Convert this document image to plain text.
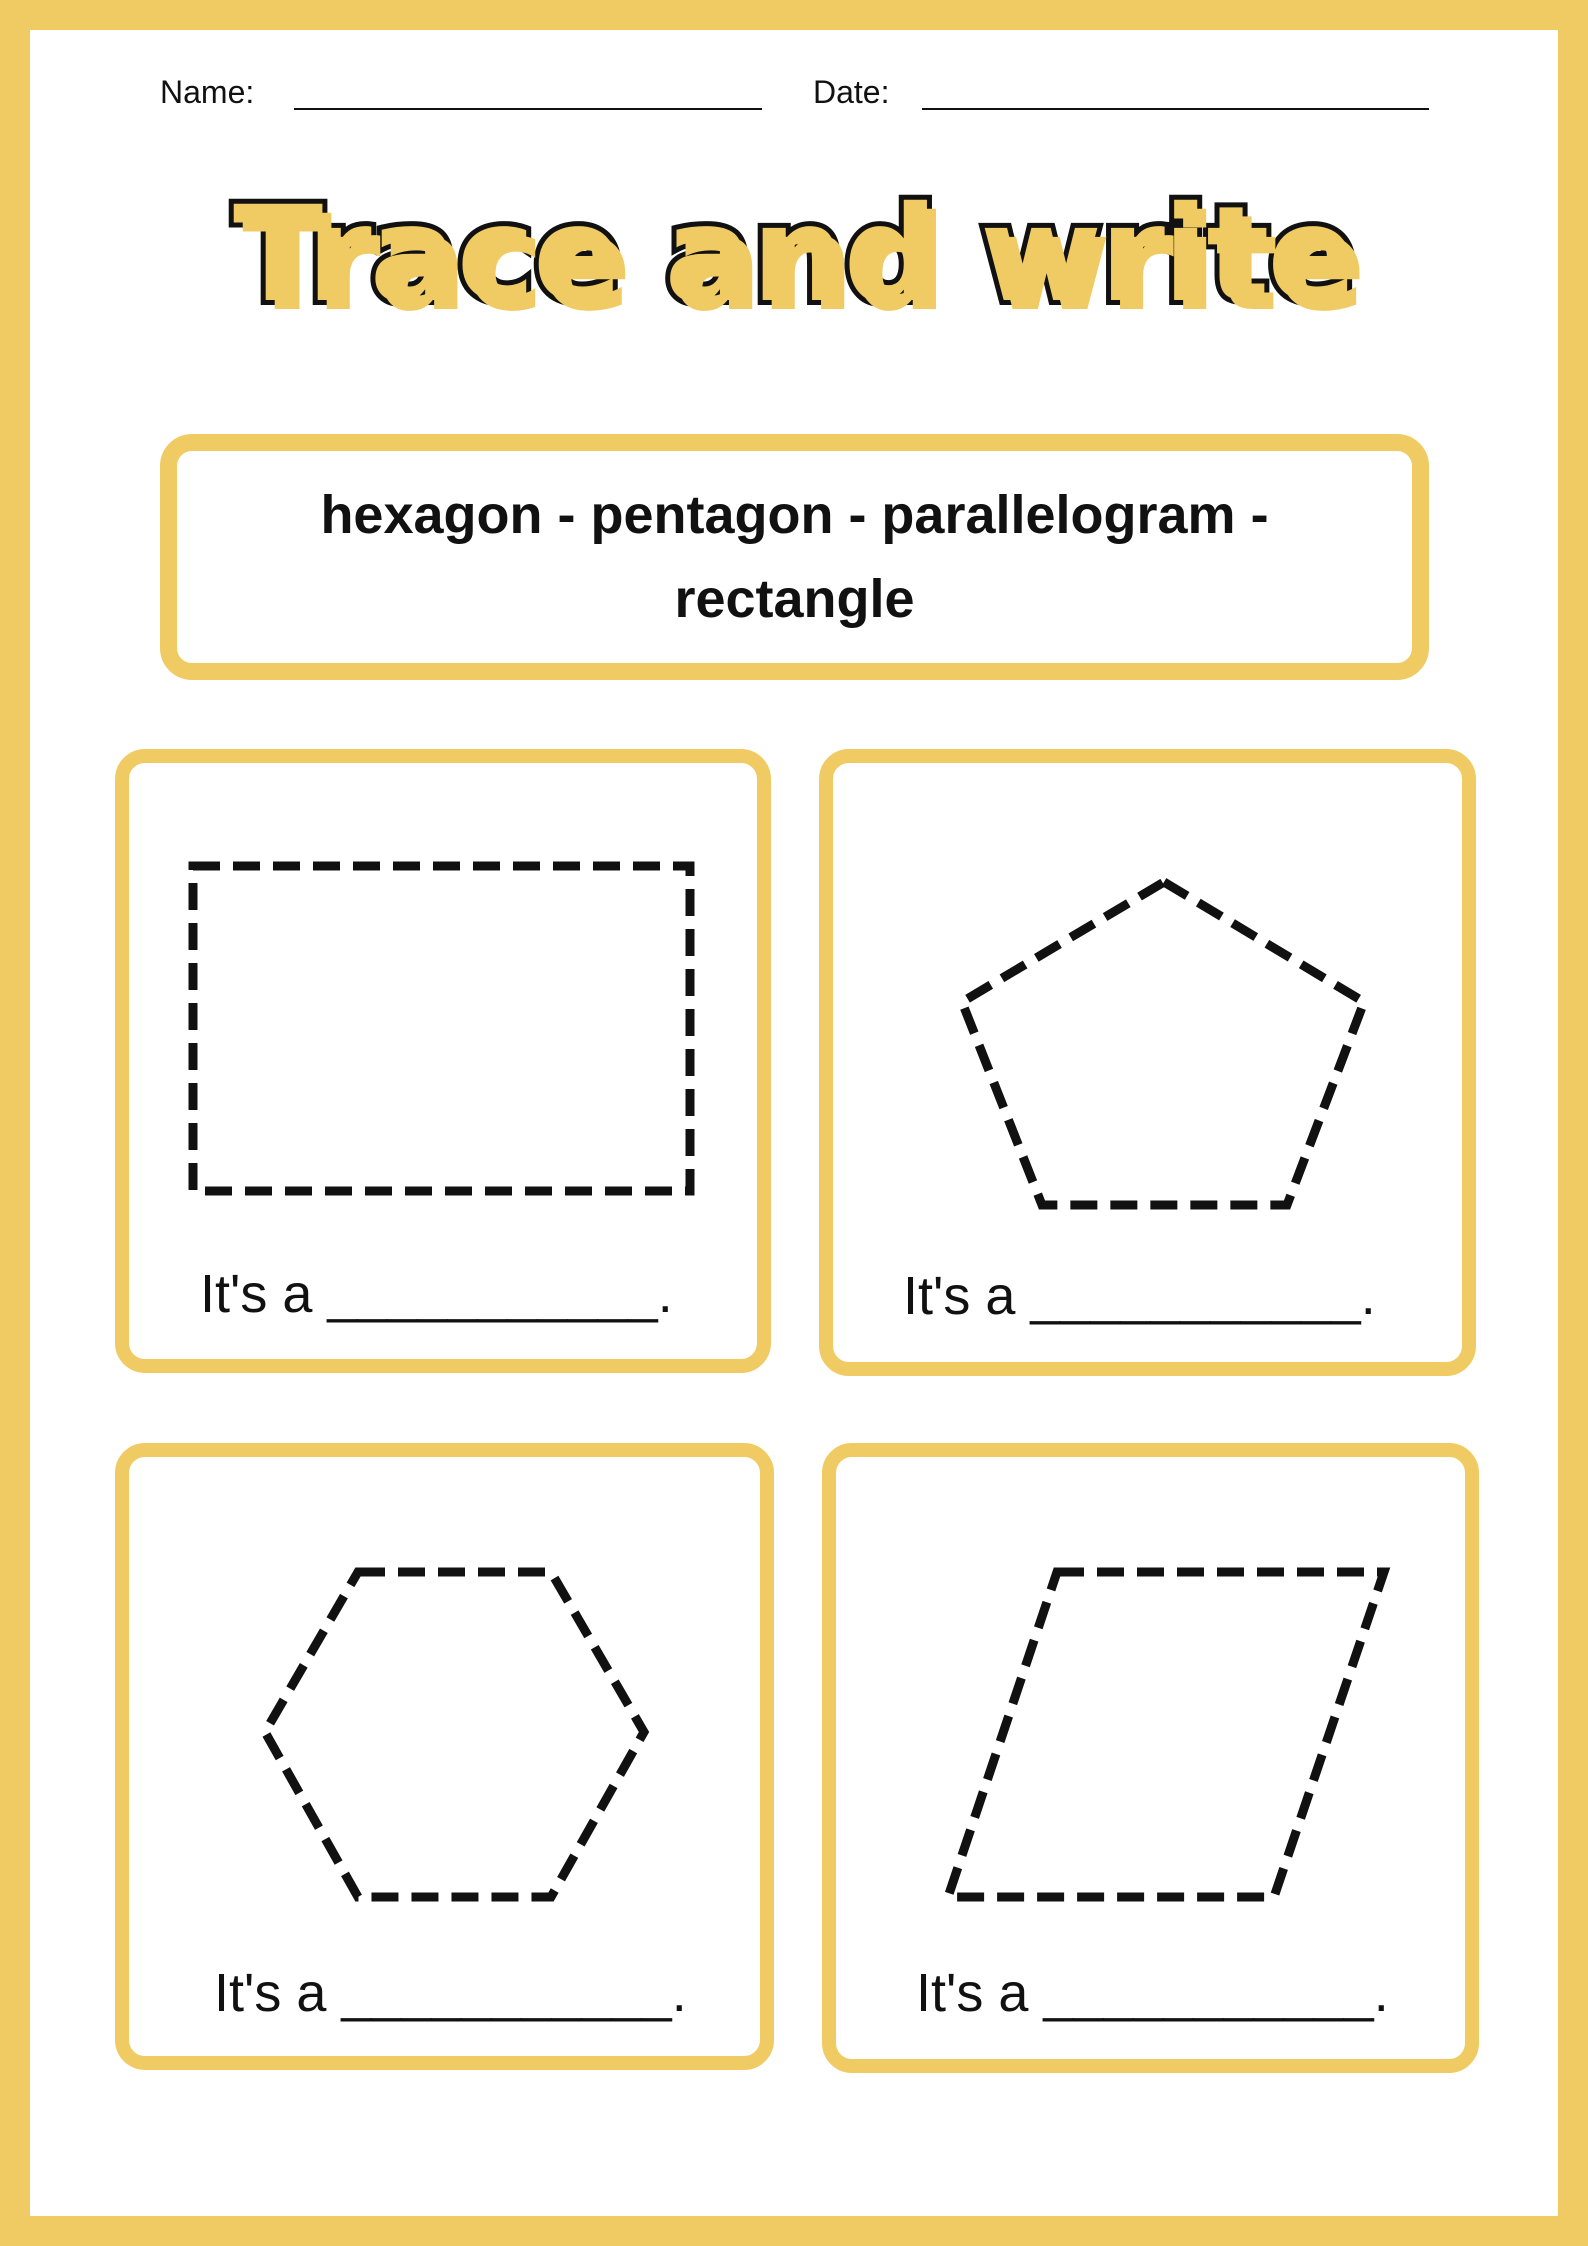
Name:	Date:
Trace and write
hexagon - pentagon - parallelogram - rectangle
It's a ___________.	It's a ___________.
It's a ___________.	It's a ___________.
